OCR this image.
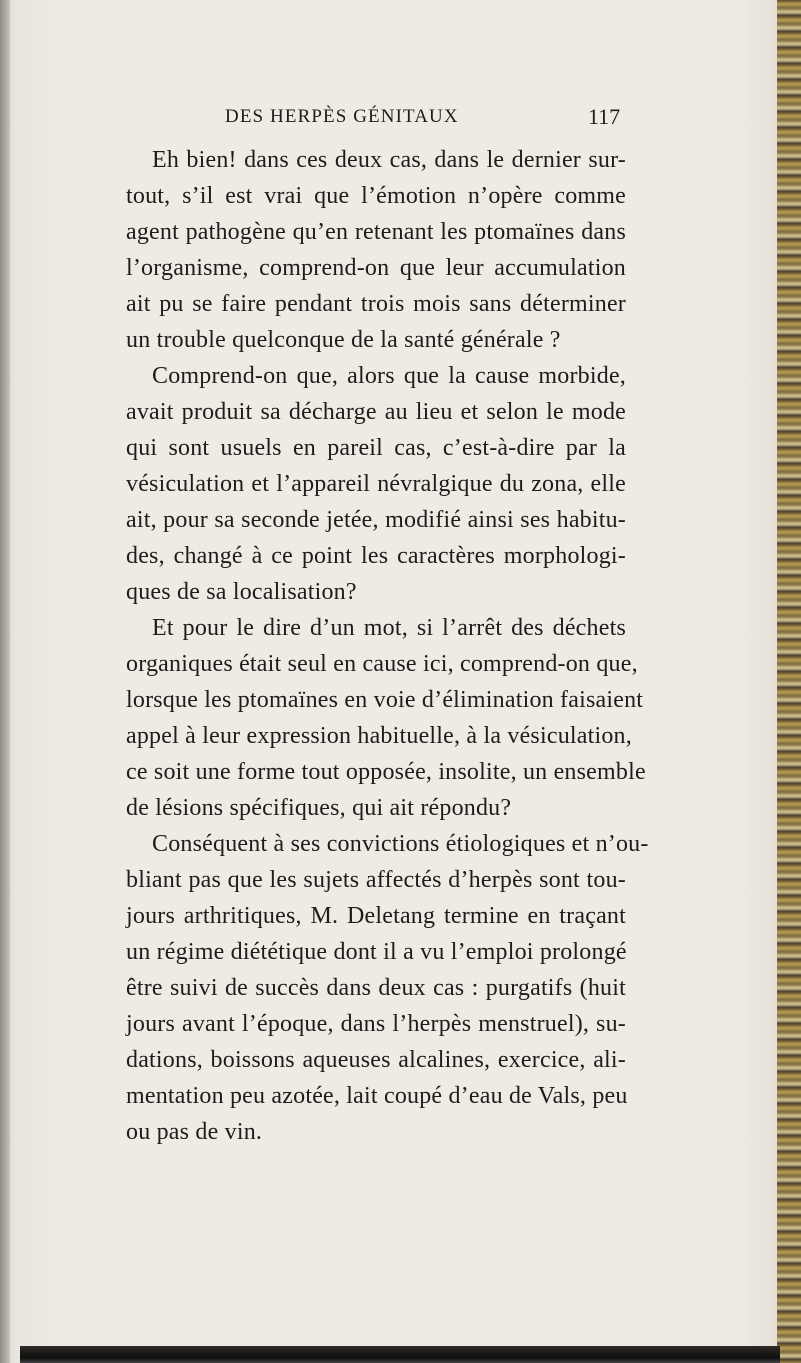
DES HERPÈS GÉNITAUX	117
Eh bien! dans ces deux cas, dans le dernier sur-
tout, s’il est vrai que l’émotion n’opère comme
agent pathogène qu’en retenant les ptomaïnes dans
l’organisme, comprend-on que leur accumulation
ait pu se faire pendant trois mois sans déterminer
un trouble quelconque de la santé générale ?
Comprend-on que, alors que la cause morbide,
avait produit sa décharge au lieu et selon le mode
qui sont usuels en pareil cas, c’est-à-dire par la
vésiculation et l’appareil névralgique du zona, elle
ait, pour sa seconde jetée, modifié ainsi ses habitu-
des, changé à ce point les caractères morphologi-
ques de sa localisation?
Et pour le dire d’un mot, si l’arrêt des déchets
organiques était seul en cause ici, comprend-on que,
lorsque les ptomaïnes en voie d’élimination faisaient
appel à leur expression habituelle, à la vésiculation,
ce soit une forme tout opposée, insolite, un ensemble
de lésions spécifiques, qui ait répondu?
Conséquent à ses convictions étiologiques et n’ou-
bliant pas que les sujets affectés d’herpès sont tou-
jours arthritiques, M. Deletang termine en traçant
un régime diététique dont il a vu l’emploi prolongé
être suivi de succès dans deux cas : purgatifs (huit
jours avant l’époque, dans l’herpès menstruel), su-
dations, boissons aqueuses alcalines, exercice, ali-
mentation peu azotée, lait coupé d’eau de Vals, peu
ou pas de vin.
